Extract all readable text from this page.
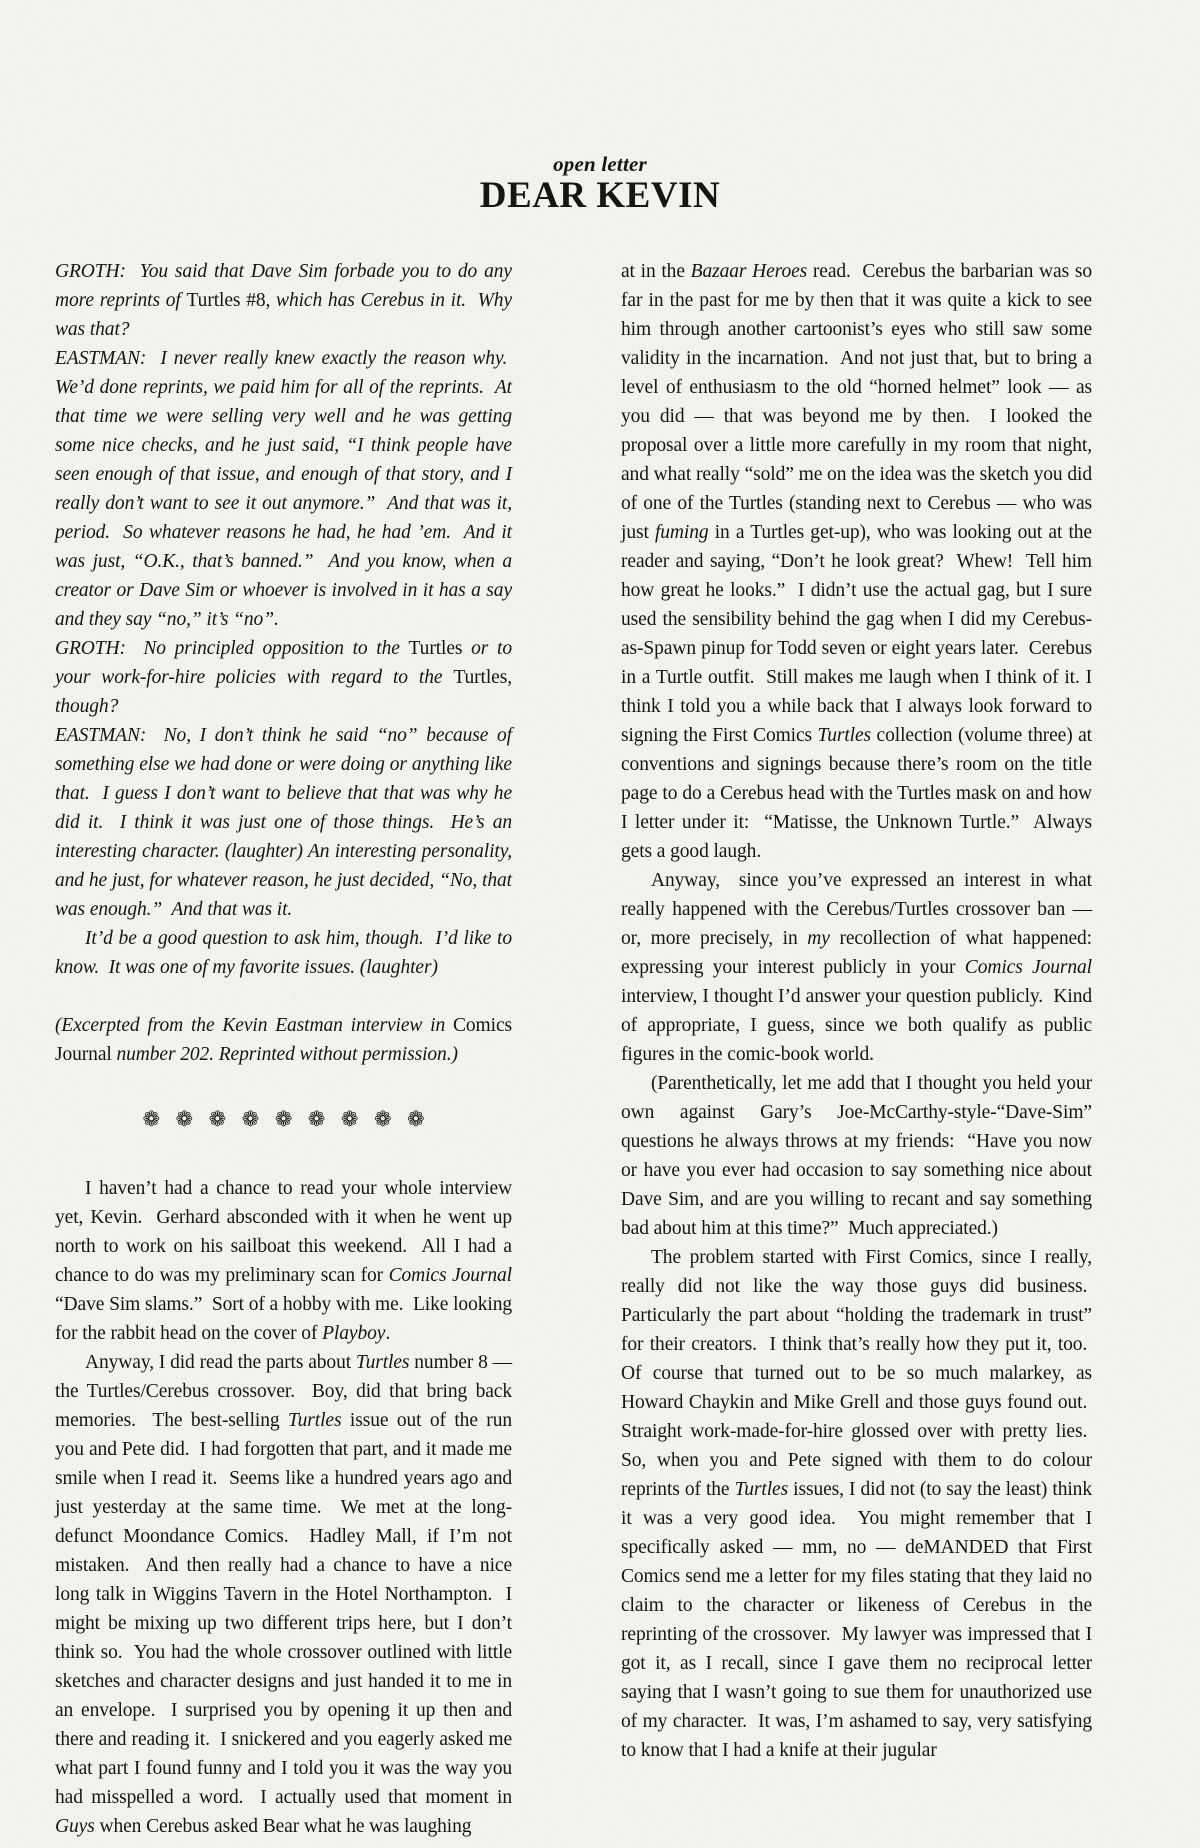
open letter
DEAR KEVIN

GROTH:  You said that Dave Sim forbade you to do any more reprints of Turtles #8, which has Cerebus in it.  Why was that?

EASTMAN:  I never really knew exactly the reason why.  We’d done reprints, we paid him for all of the reprints.  At that time we were selling very well and he was getting some nice checks, and he just said, “I think people have seen enough of that issue, and enough of that story, and I really don’t want to see it out anymore.”  And that was it, period.  So whatever reasons he had, he had ’em.  And it was just, “O.K., that’s banned.”  And you know, when a creator or Dave Sim or whoever is involved in it has a say and they say “no,” it’s “no”.

GROTH:  No principled opposition to the Turtles or to your work-for-hire policies with regard to the Turtles, though?

EASTMAN:  No, I don’t think he said “no” because of something else we had done or were doing or anything like that.  I guess I don’t want to believe that that was why he did it.  I think it was just one of those things.  He’s an interesting character. (laughter) An interesting personality, and he just, for whatever reason, he just decided, “No, that was enough.”  And that was it.

It’d be a good question to ask him, though.  I’d like to know.  It was one of my favorite issues. (laughter)

(Excerpted from the Kevin Eastman interview in Comics Journal number 202. Reprinted without permission.)

❁ ❁ ❁ ❁ ❁ ❁ ❁ ❁ ❁

I haven’t had a chance to read your whole interview yet, Kevin.  Gerhard absconded with it when he went up north to work on his sailboat this weekend.  All I had a chance to do was my preliminary scan for Comics Journal “Dave Sim slams.”  Sort of a hobby with me.  Like looking for the rabbit head on the cover of Playboy.

Anyway, I did read the parts about Turtles number 8 — the Turtles/Cerebus crossover.  Boy, did that bring back memories.  The best-selling Turtles issue out of the run you and Pete did.  I had forgotten that part, and it made me smile when I read it.  Seems like a hundred years ago and just yesterday at the same time.  We met at the long-defunct Moondance Comics.  Hadley Mall, if I’m not mistaken.  And then really had a chance to have a nice long talk in Wiggins Tavern in the Hotel Northampton.  I might be mixing up two different trips here, but I don’t think so.  You had the whole crossover outlined with little sketches and character designs and just handed it to me in an envelope.  I surprised you by opening it up then and there and reading it.  I snickered and you eagerly asked me what part I found funny and I told you it was the way you had misspelled a word.  I actually used that moment in Guys when Cerebus asked Bear what he was laughing

at in the Bazaar Heroes read.  Cerebus the barbarian was so far in the past for me by then that it was quite a kick to see him through another cartoonist’s eyes who still saw some validity in the incarnation.  And not just that, but to bring a level of enthusiasm to the old “horned helmet” look — as you did — that was beyond me by then.  I looked the proposal over a little more carefully in my room that night, and what really “sold” me on the idea was the sketch you did of one of the Turtles (standing next to Cerebus — who was just fuming in a Turtles get-up), who was looking out at the reader and saying, “Don’t he look great?  Whew!  Tell him how great he looks.”  I didn’t use the actual gag, but I sure used the sensibility behind the gag when I did my Cerebus-as-Spawn pinup for Todd seven or eight years later.  Cerebus in a Turtle outfit.  Still makes me laugh when I think of it. I think I told you a while back that I always look forward to signing the First Comics Turtles collection (volume three) at conventions and signings because there’s room on the title page to do a Cerebus head with the Turtles mask on and how I letter under it:  “Matisse, the Unknown Turtle.”  Always gets a good laugh.

Anyway,  since you’ve expressed an interest in what really happened with the Cerebus/Turtles crossover ban — or, more precisely, in my recollection of what happened: expressing your interest publicly in your Comics Journal interview, I thought I’d answer your question publicly.  Kind of appropriate, I guess, since we both qualify as public figures in the comic-book world.

(Parenthetically, let me add that I thought you held your own against Gary’s Joe-McCarthy-style-“Dave-Sim” questions he always throws at my friends:  “Have you now or have you ever had occasion to say something nice about Dave Sim, and are you willing to recant and say something bad about him at this time?”  Much appreciated.)

The problem started with First Comics, since I really, really did not like the way those guys did business.  Particularly the part about “holding the trademark in trust” for their creators.  I think that’s really how they put it, too.  Of course that turned out to be so much malarkey, as Howard Chaykin and Mike Grell and those guys found out.  Straight work-made-for-hire glossed over with pretty lies.  So, when you and Pete signed with them to do colour reprints of the Turtles issues, I did not (to say the least) think it was a very good idea.  You might remember that I specifically asked — mm, no — deMANDED that First Comics send me a letter for my files stating that they laid no claim to the character or likeness of Cerebus in the reprinting of the crossover.  My lawyer was impressed that I got it, as I recall, since I gave them no reciprocal letter saying that I wasn’t going to sue them for unauthorized use of my character.  It was, I’m ashamed to say, very satisfying to know that I had a knife at their jugular
